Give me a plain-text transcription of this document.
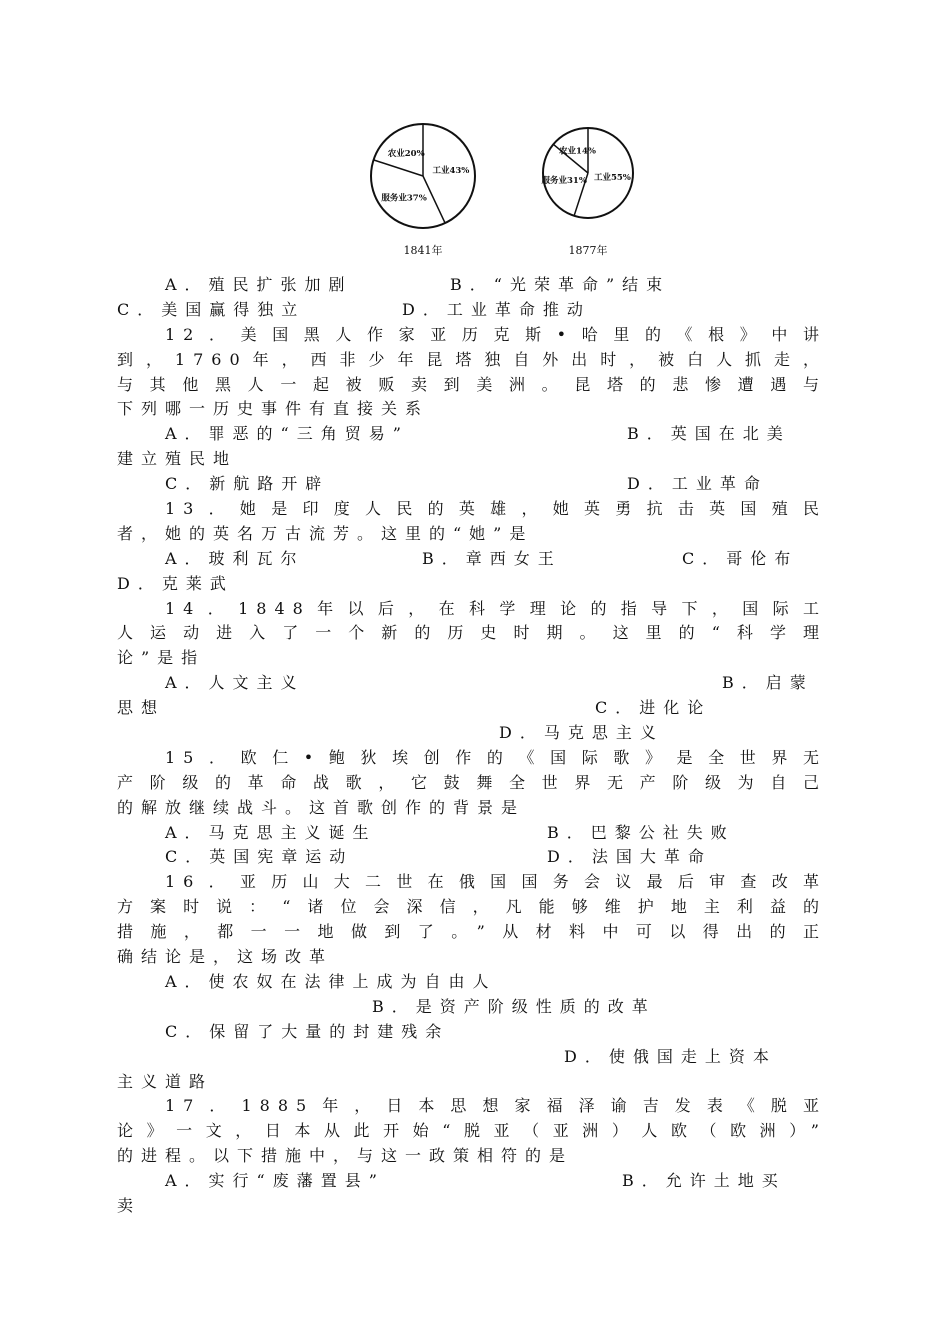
工业43%
服务业37%
农业20%
1841年
工业55%
服务业31%
农业14%
1877年
A．殖民扩张加剧	B．“光荣革命”结束
C．美国赢得独立	D．工业革命推动
12．美国黑人作家亚历克斯•哈里的《根》中讲
到，1760年，西非少年昆塔独自外出时，被白人抓走，
与其他黑人一起被贩卖到美洲。昆塔的悲惨遭遇与
下列哪一历史事件有直接关系
A．罪恶的“三角贸易”	B．英国在北美
建立殖民地
C．新航路开辟	D．工业革命
13．她是印度人民的英雄，她英勇抗击英国殖民
者，她的英名万古流芳。这里的“她”是
A．玻利瓦尔	B．章西女王	C．哥伦布
D．克莱武
14．1848年以后，在科学理论的指导下，国际工
人运动进入了一个新的历史时期。这里的“科学理
论”是指
A．人文主义	B．启蒙
思想	C．进化论
D．马克思主义
15．欧仁•鲍狄埃创作的《国际歌》是全世界无
产阶级的革命战歌，它鼓舞全世界无产阶级为自己
的解放继续战斗。这首歌创作的背景是
A．马克思主义诞生	B．巴黎公社失败
C．英国宪章运动	D．法国大革命
16．亚历山大二世在俄国国务会议最后审查改革
方案时说：“诸位会深信，凡能够维护地主利益的
措施，都一一地做到了。”从材料中可以得出的正
确结论是，这场改革
A．使农奴在法律上成为自由人
B．是资产阶级性质的改革
C．保留了大量的封建残余
D．使俄国走上资本
主义道路
17．1885年，日本思想家福泽谕吉发表《脱亚
论》一文，日本从此开始“脱亚（亚洲）人欧（欧洲）”
的进程。以下措施中，与这一政策相符的是
A．实行“废藩置县”	B．允许土地买
卖
